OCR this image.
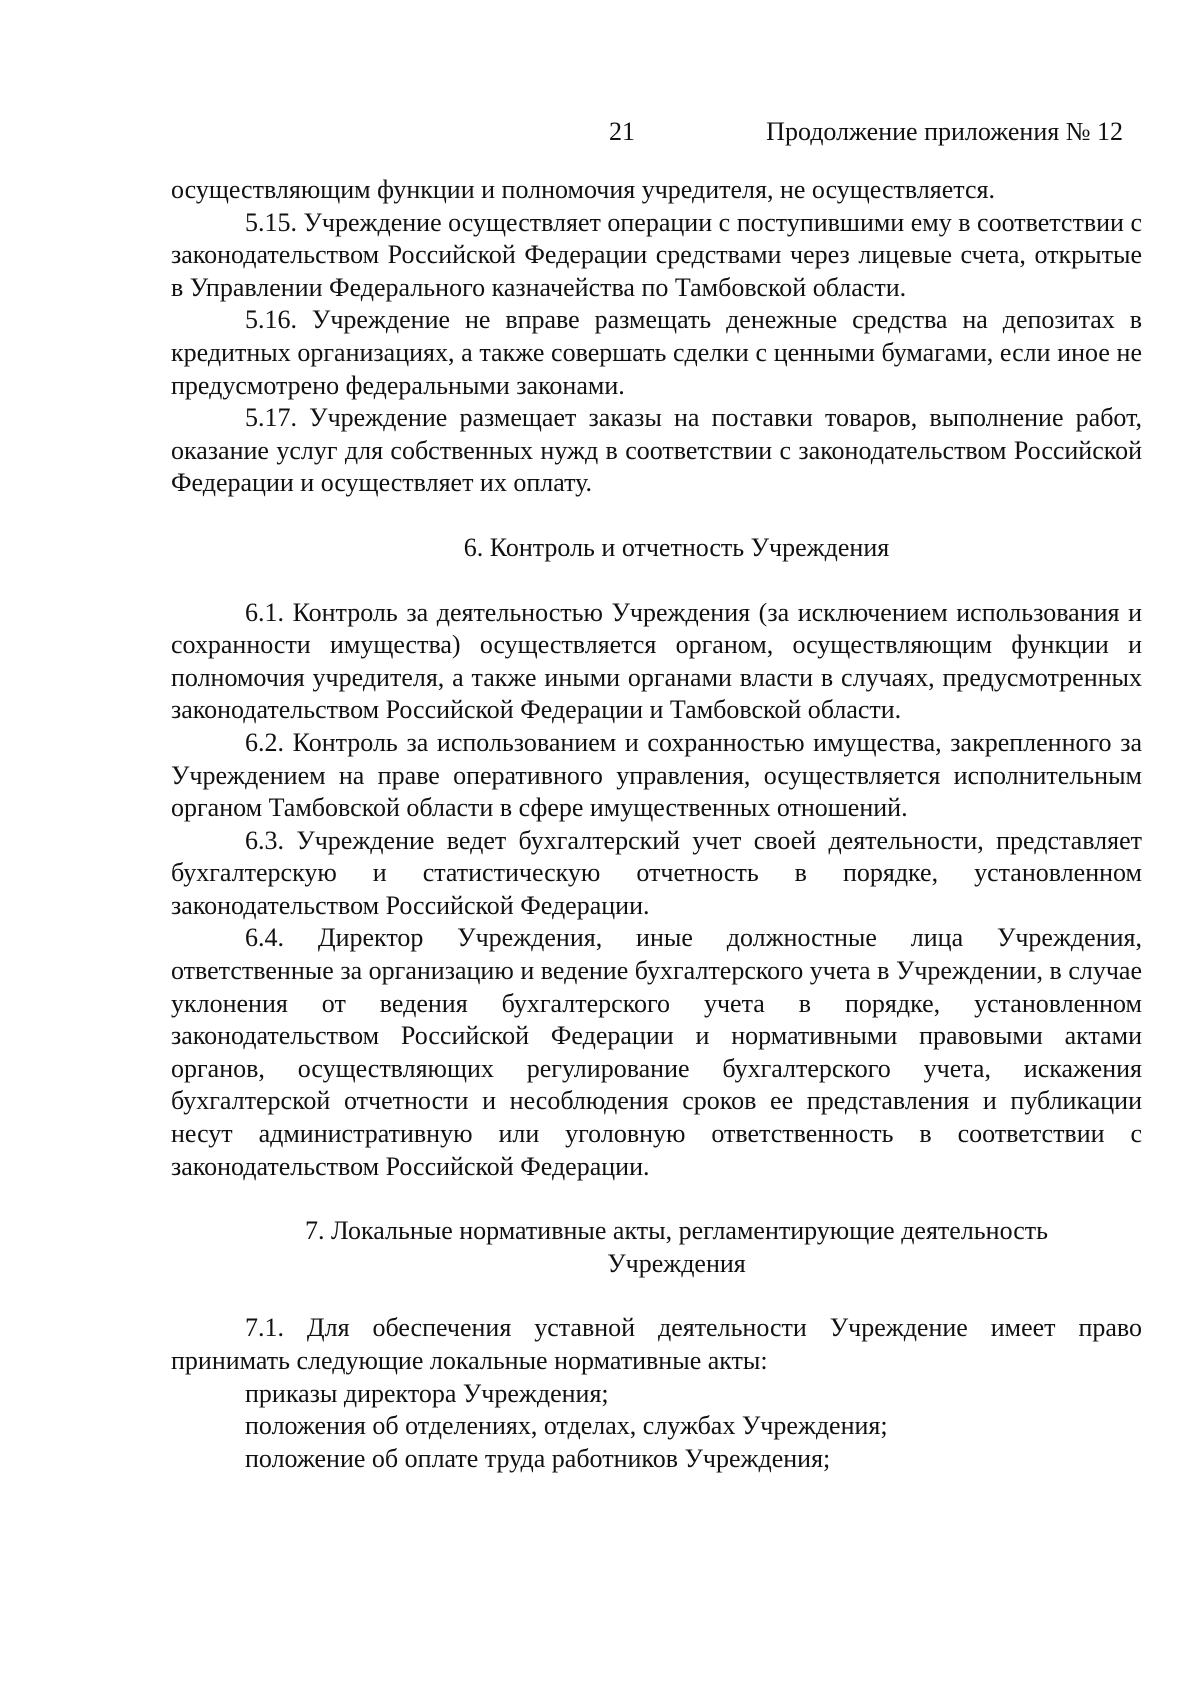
21	Продолжение приложения № 12

осуществляющим функции и полномочия учредителя, не осуществляется.

5.15. Учреждение осуществляет операции с поступившими ему в соответствии с законодательством Российской Федерации средствами через лицевые счета, открытые в Управлении Федерального казначейства по Тамбовской области.

5.16. Учреждение не вправе размещать денежные средства на депозитах в кредитных организациях, а также совершать сделки с ценными бумагами, если иное не предусмотрено федеральными законами.

5.17. Учреждение размещает заказы на поставки товаров, выполнение работ, оказание услуг для собственных нужд в соответствии с законодательством Российской Федерации и осуществляет их оплату.

6. Контроль и отчетность Учреждения

6.1. Контроль за деятельностью Учреждения (за исключением использования и сохранности имущества) осуществляется органом, осуществляющим функции и полномочия учредителя, а также иными органами власти в случаях, предусмотренных законодательством Российской Федерации и Тамбовской области.

6.2. Контроль за использованием и сохранностью имущества, закрепленного за Учреждением на праве оперативного управления, осуществляется исполнительным органом Тамбовской области в сфере имущественных отношений.

6.3. Учреждение ведет бухгалтерский учет своей деятельности, представляет бухгалтерскую и статистическую отчетность в порядке, установленном законодательством Российской Федерации.

6.4. Директор Учреждения, иные должностные лица Учреждения, ответственные за организацию и ведение бухгалтерского учета в Учреждении, в случае уклонения от ведения бухгалтерского учета в порядке, установленном законодательством Российской Федерации и нормативными правовыми актами органов, осуществляющих регулирование бухгалтерского учета, искажения бухгалтерской отчетности и несоблюдения сроков ее представления и публикации несут административную или уголовную ответственность в соответствии с законодательством Российской Федерации.

7. Локальные нормативные акты, регламентирующие деятельность

Учреждения

7.1. Для обеспечения уставной деятельности Учреждение имеет право принимать следующие локальные нормативные акты:

приказы директора Учреждения;

положения об отделениях, отделах, службах Учреждения;

положение об оплате труда работников Учреждения;
